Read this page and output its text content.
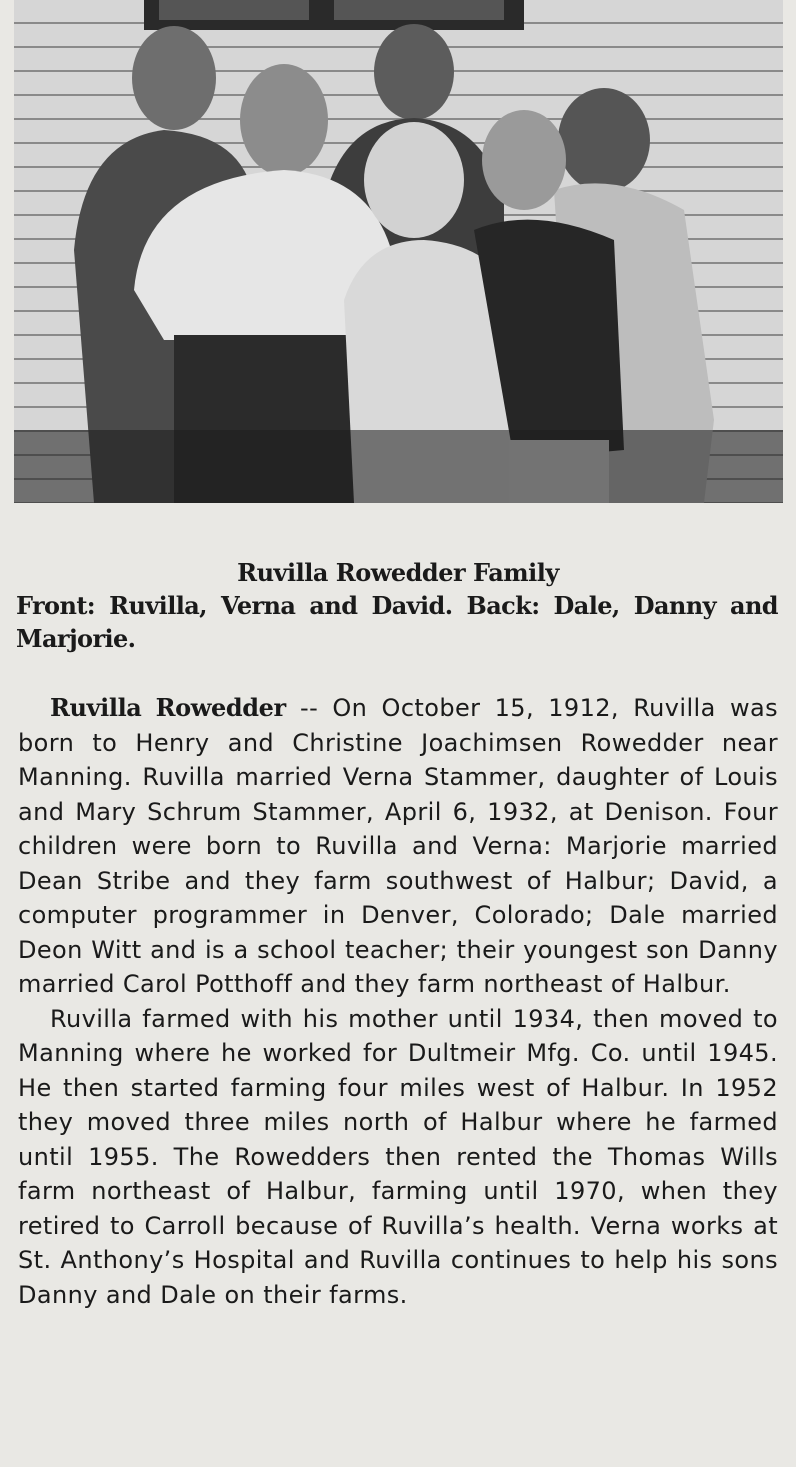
Ruvilla Rowedder Family
Front: Ruvilla, Verna and David. Back: Dale, Danny and Marjorie.

Ruvilla Rowedder -- On October 15, 1912, Ruvilla was born to Henry and Christine Joachimsen Rowedder near Manning. Ruvilla married Verna Stammer, daughter of Louis and Mary Schrum Stammer, April 6, 1932, at Denison. Four children were born to Ruvilla and Verna: Marjorie married Dean Stribe and they farm southwest of Halbur; David, a computer programmer in Denver, Colorado; Dale married Deon Witt and is a school teacher; their youngest son Danny married Carol Potthoff and they farm northeast of Halbur.

Ruvilla farmed with his mother until 1934, then moved to Manning where he worked for Dultmeir Mfg. Co. until 1945. He then started farming four miles west of Halbur. In 1952 they moved three miles north of Halbur where he farmed until 1955. The Rowedders then rented the Thomas Wills farm northeast of Halbur, farming until 1970, when they retired to Carroll because of Ruvilla’s health. Verna works at St. Anthony’s Hospital and Ruvilla continues to help his sons Danny and Dale on their farms.
